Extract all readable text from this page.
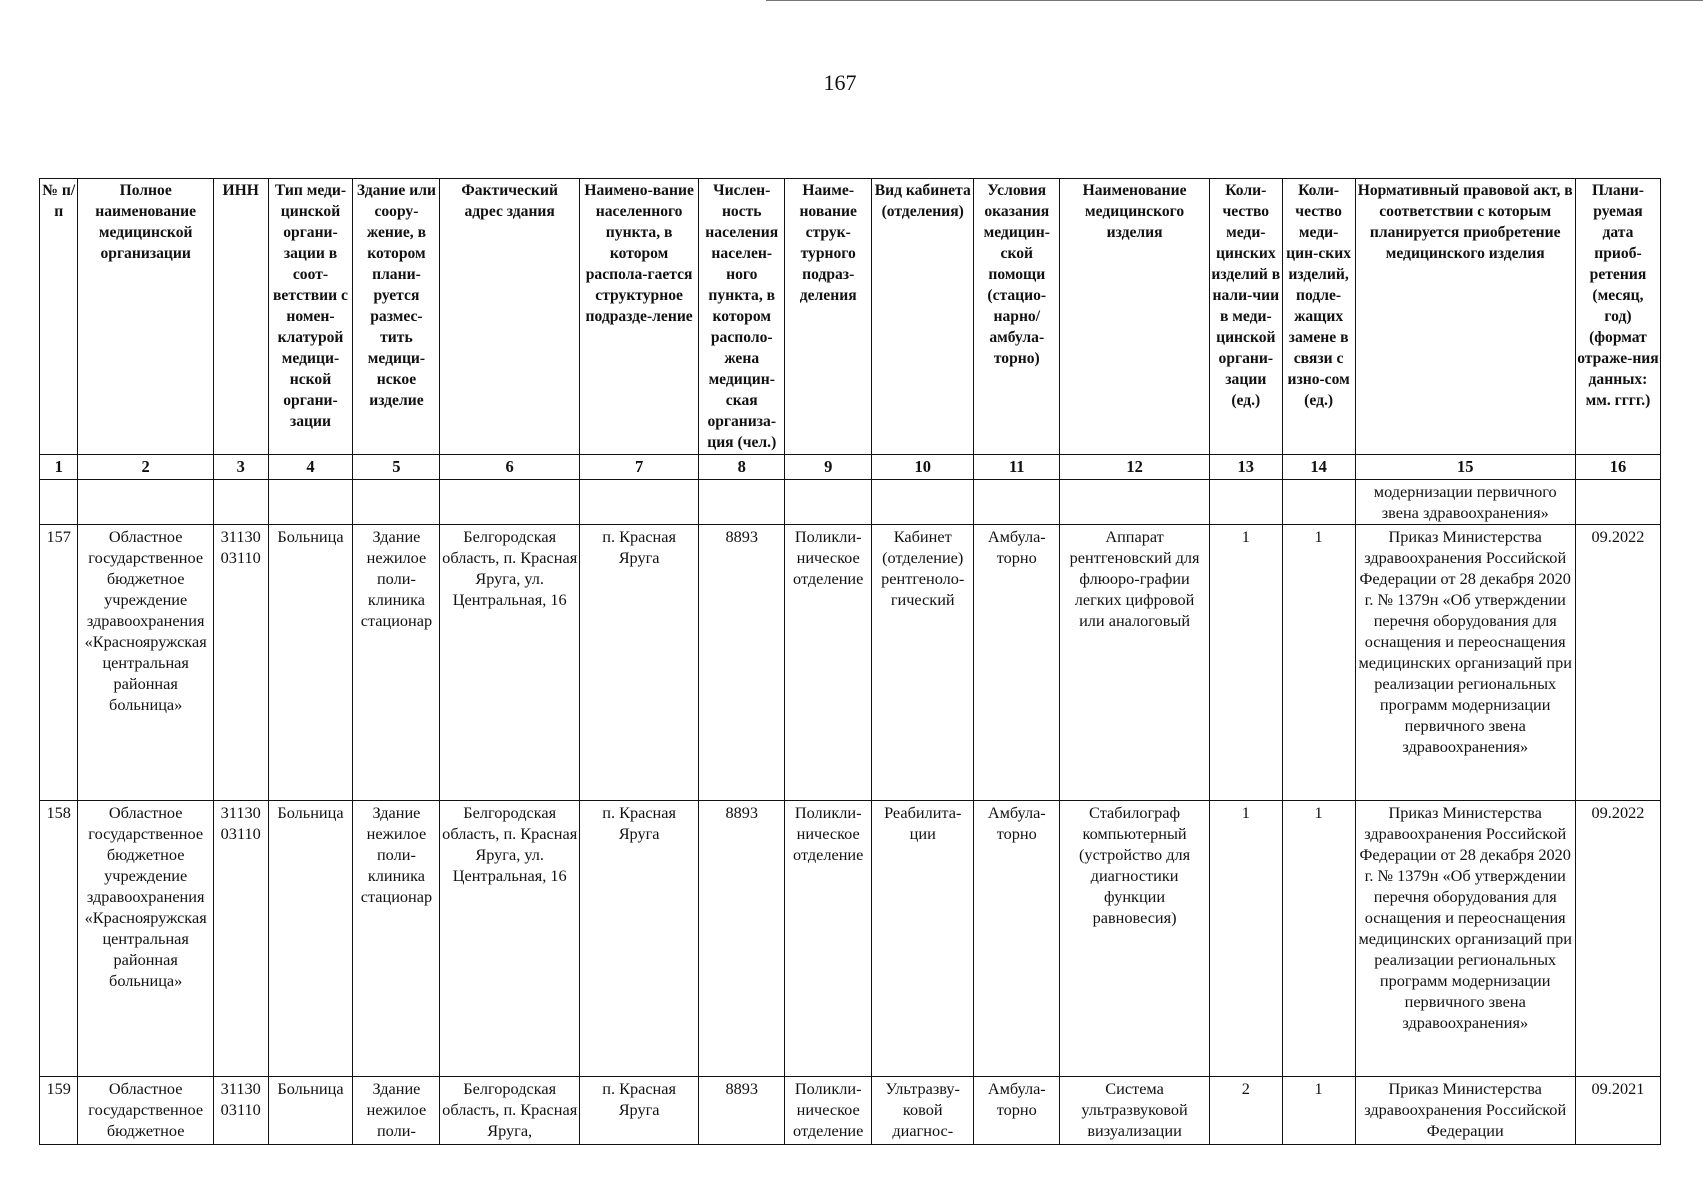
167
№ п/п	Полное наименование медицинской организации	ИНН	Тип меди-цинской органи-зации в соот-ветствии с номен-клатурой медици-нской органи-зации	Здание или соору-жение, в котором плани-руется размес-тить медици-нское изделие	Фактический адрес здания	Наимено-вание населенного пункта, в котором распола-гается структурное подразде-ление	Числен-ность населения населен-ного пункта, в котором располо-жена медицин-ская организа-ция (чел.)	Наиме-нование струк-турного подраз-деления	Вид кабинета (отделения)	Условия оказания медицин-ской помощи (стацио-нарно/ амбула-торно)	Наименование медицинского изделия	Коли-чество меди-цинских изделий в нали-чии в меди-цинской органи-зации (ед.)	Коли-чество меди-цин-ских изделий, подле-жащих замене в связи с изно-сом (ед.)	Нормативный правовой акт, в соответствии с которым планируется приобретение медицинского изделия	Плани-руемая дата приоб-ретения (месяц, год) (формат отраже-ния данных: мм. гггг.)
1	2	3	4	5	6	7	8	9	10	11	12	13	14	15	16
														модернизации первичного звена здравоохранения»	
157	Областное государственное бюджетное учреждение здравоохранения «Краснояружская центральная районная больница»	31130 03110	Больница	Здание нежилое поли-клиника стационар	Белгородская область, п. Красная Яруга, ул. Центральная, 16	п. Красная Яруга	8893	Поликли-ническое отделение	Кабинет (отделение) рентгеноло-гический	Амбула-торно	Аппарат рентгеновский для флюоро-графии легких цифровой или аналоговый	1	1	Приказ Министерства здравоохранения Российской Федерации от 28 декабря 2020 г. № 1379н «Об утверждении перечня оборудования для оснащения и переоснащения медицинских организаций при реализации региональных программ модернизации первичного звена здравоохранения»	09.2022
158	Областное государственное бюджетное учреждение здравоохранения «Краснояружская центральная районная больница»	31130 03110	Больница	Здание нежилое поли-клиника стационар	Белгородская область, п. Красная Яруга, ул. Центральная, 16	п. Красная Яруга	8893	Поликли-ническое отделение	Реабилита-ции	Амбула-торно	Стабилограф компьютерный (устройство для диагностики функции равновесия)	1	1	Приказ Министерства здравоохранения Российской Федерации от 28 декабря 2020 г. № 1379н «Об утверждении перечня оборудования для оснащения и переоснащения медицинских организаций при реализации региональных программ модернизации первичного звена здравоохранения»	09.2022
159	Областное государственное бюджетное	31130 03110	Больница	Здание нежилое поли-	Белгородская область, п. Красная Яруга,	п. Красная Яруга	8893	Поликли-ническое отделение	Ультразву-ковой диагнос-	Амбула-торно	Система ультразвуковой визуализации	2	1	Приказ Министерства здравоохранения Российской Федерации	09.2021
